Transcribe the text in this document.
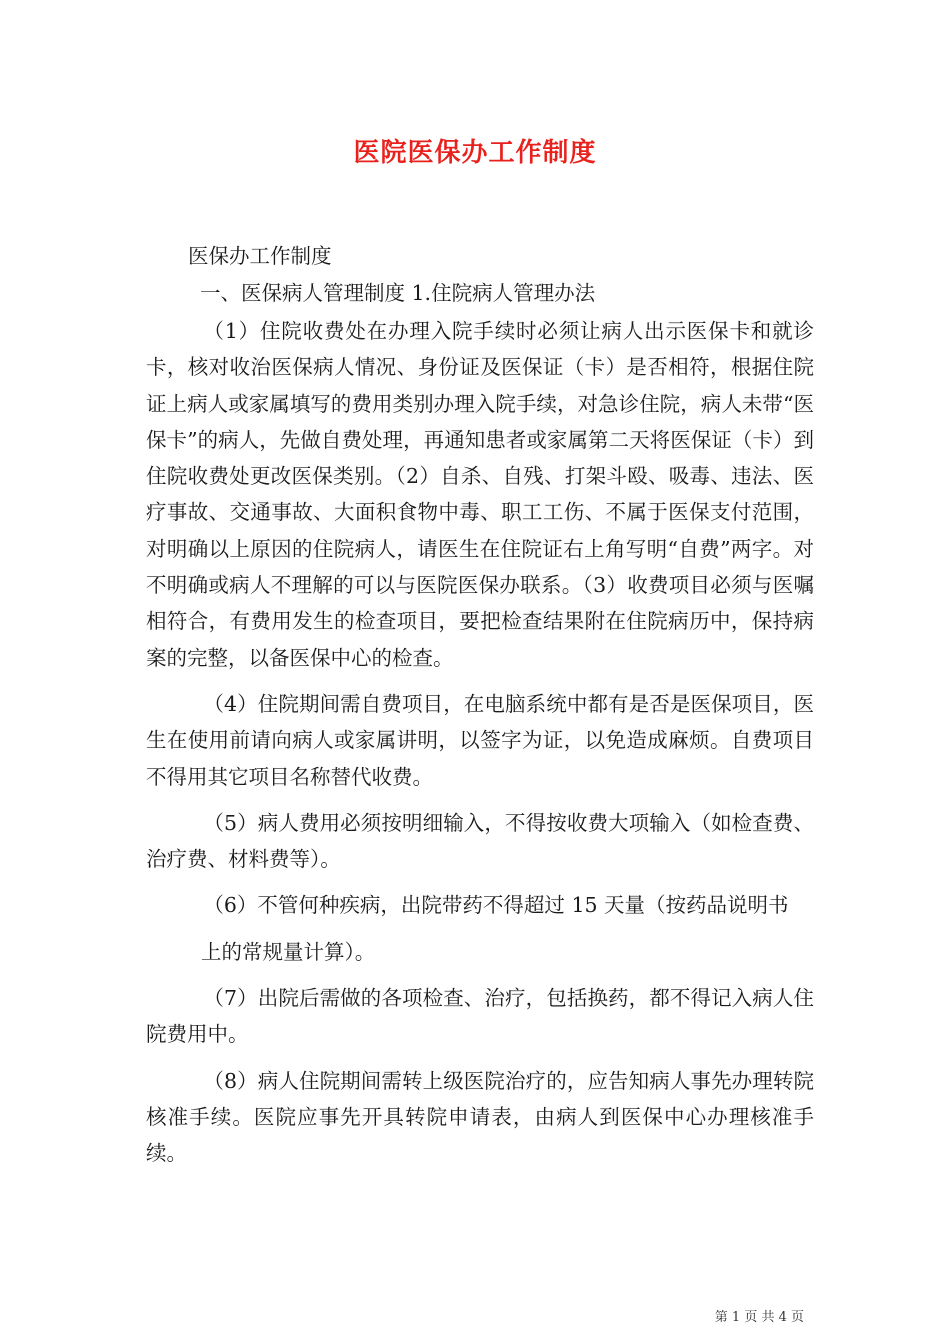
医院医保办工作制度
医保办工作制度
一、医保病人管理制度 1.住院病人管理办法

（1）住院收费处在办理入院手续时必须让病人出示医保卡和就诊卡，核对收治医保病人情况、身份证及医保证（卡）是否相符，根据住院证上病人或家属填写的费用类别办理入院手续，对急诊住院，病人未带“医保卡”的病人，先做自费处理，再通知患者或家属第二天将医保证（卡）到住院收费处更改医保类别。（2）自杀、自残、打架斗殴、吸毒、违法、医疗事故、交通事故、大面积食物中毒、职工工伤、不属于医保支付范围，对明确以上原因的住院病人，请医生在住院证右上角写明“自费”两字。对不明确或病人不理解的可以与医院医保办联系。（3）收费项目必须与医嘱相符合，有费用发生的检查项目，要把检查结果附在住院病历中，保持病案的完整，以备医保中心的检查。

（4）住院期间需自费项目，在电脑系统中都有是否是医保项目，医生在使用前请向病人或家属讲明，以签字为证，以免造成麻烦。自费项目不得用其它项目名称替代收费。

（5）病人费用必须按明细输入，不得按收费大项输入（如检查费、治疗费、材料费等）。

（6）不管何种疾病，出院带药不得超过 15 天量（按药品说明书

上的常规量计算）。

（7）出院后需做的各项检查、治疗，包括换药，都不得记入病人住院费用中。

（8）病人住院期间需转上级医院治疗的，应告知病人事先办理转院核准手续。医院应事先开具转院申请表，由病人到医保中心办理核准手续。

第 1 页 共 4 页
